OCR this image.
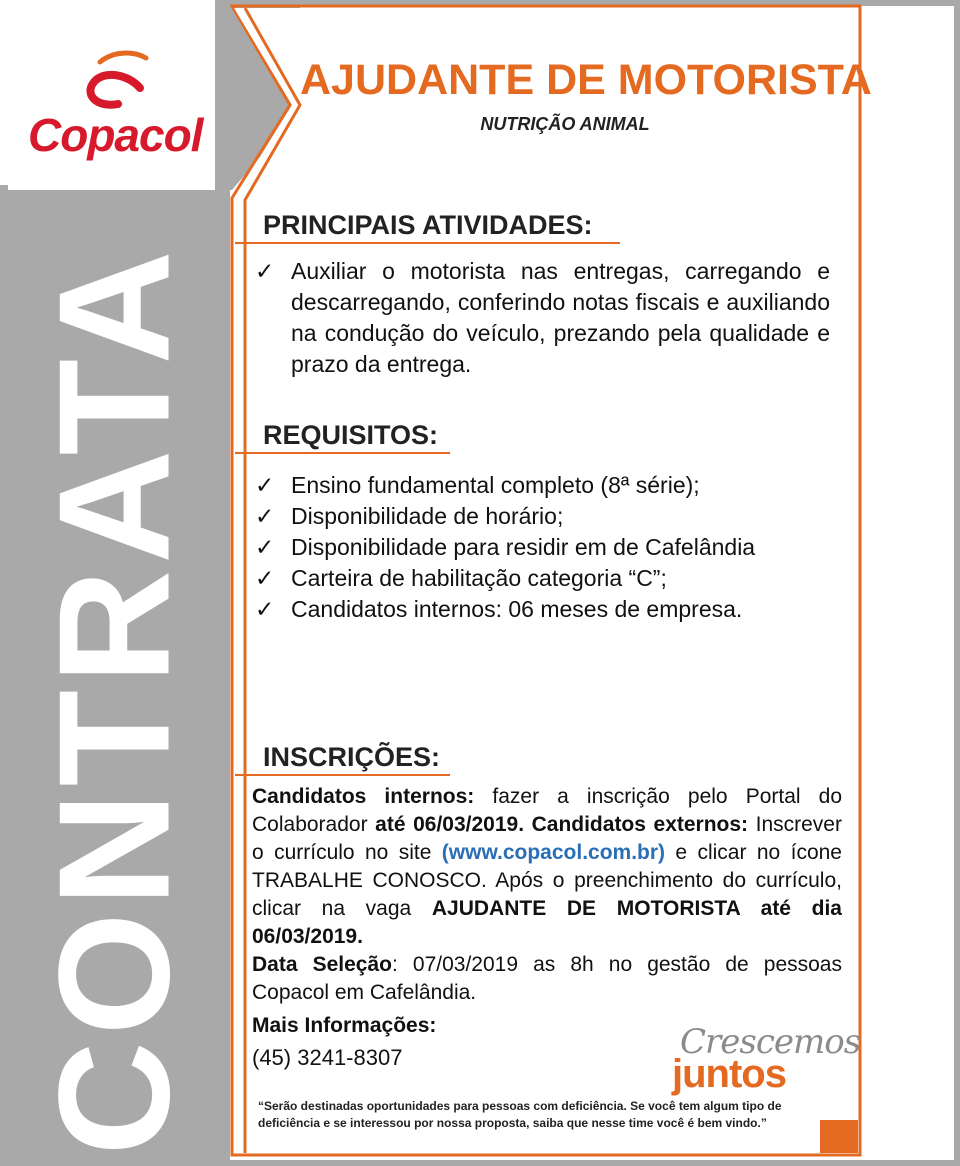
Copacol
CONTRATA
AJUDANTE DE MOTORISTA
NUTRIÇÃO ANIMAL
PRINCIPAIS ATIVIDADES:
✓ Auxiliar o motorista nas entregas, carregando e descarregando, conferindo notas fiscais e auxiliando na condução do veículo, prezando pela qualidade e prazo da entrega.
REQUISITOS:
✓ Ensino fundamental completo (8ª série);
✓ Disponibilidade de horário;
✓ Disponibilidade para residir em de Cafelândia
✓ Carteira de habilitação categoria “C”;
✓ Candidatos internos: 06 meses de empresa.
INSCRIÇÕES:
Candidatos internos: fazer a inscrição pelo Portal do Colaborador até 06/03/2019. Candidatos externos: Inscrever o currículo no site (www.copacol.com.br) e clicar no ícone TRABALHE CONOSCO. Após o preenchimento do currículo, clicar na vaga AJUDANTE DE MOTORISTA até dia 06/03/2019.
Data Seleção: 07/03/2019 as 8h no gestão de pessoas Copacol em Cafelândia.
Mais Informações:
(45) 3241-8307	Crescemos
juntos
“Serão destinadas oportunidades para pessoas com deficiência. Se você tem algum tipo de deficiência e se interessou por nossa proposta, saiba que nesse time você é bem vindo.”
